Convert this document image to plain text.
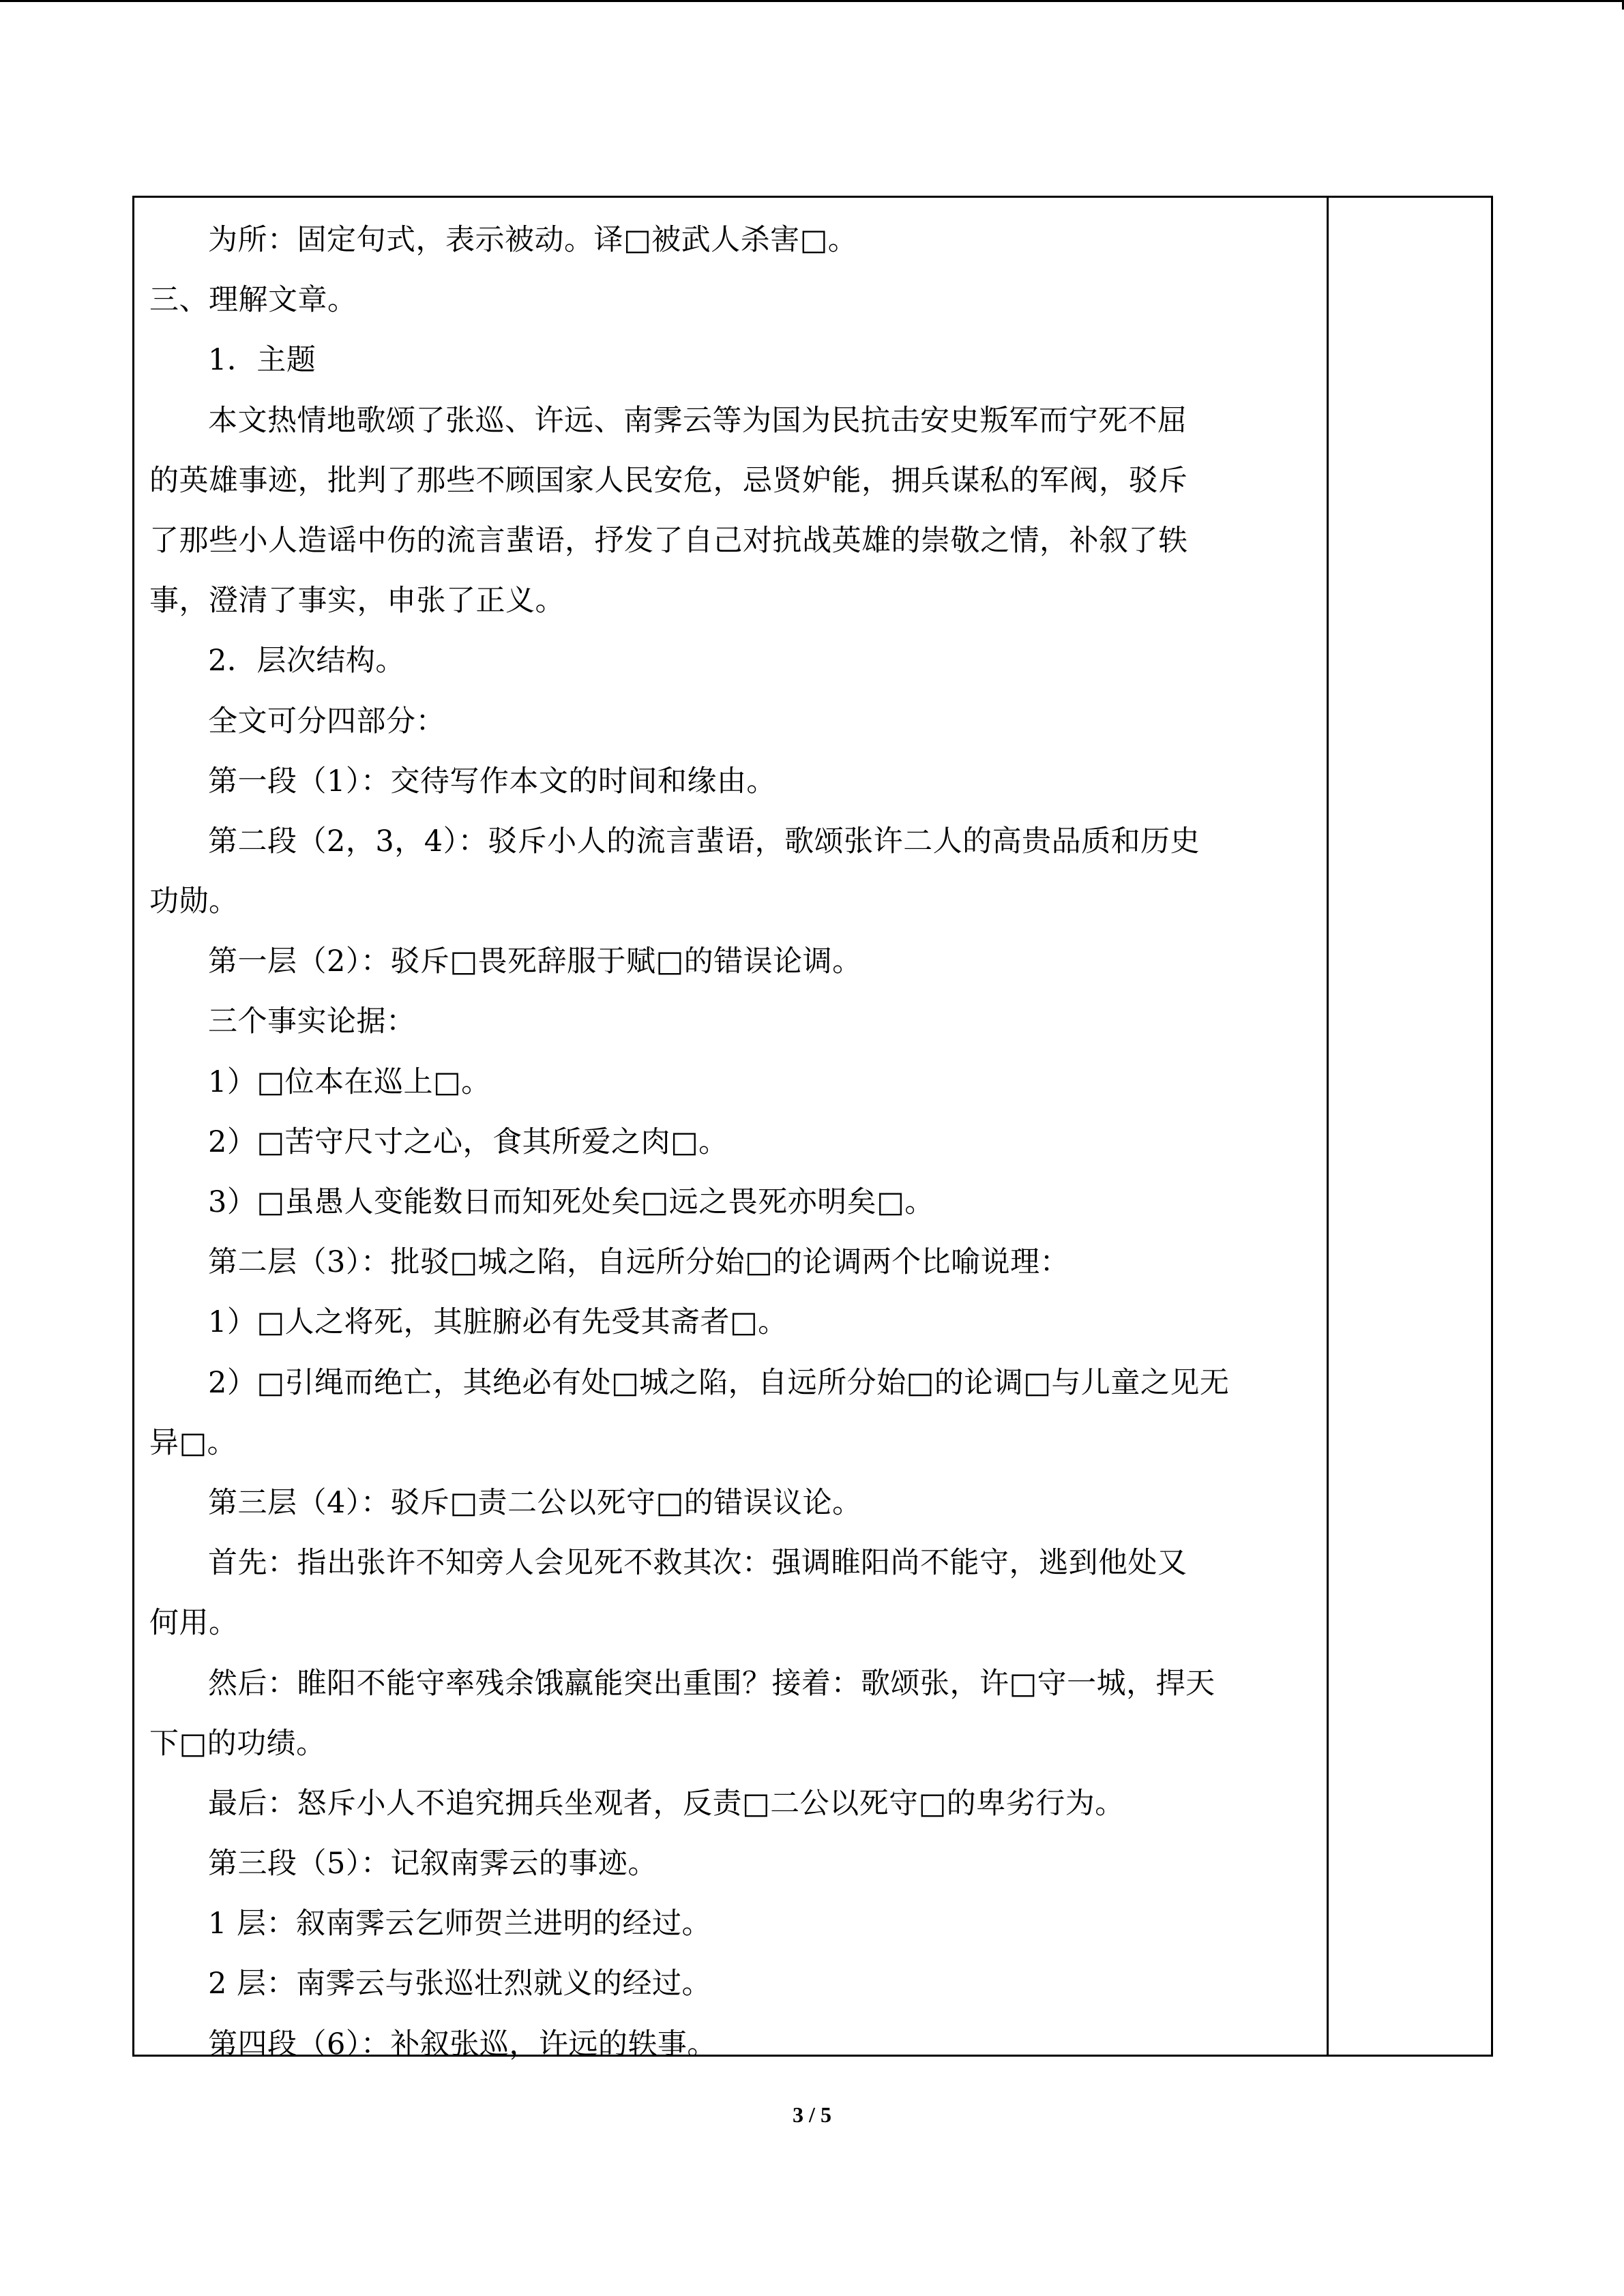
为所：固定句式，表示被动。译□被武人杀害□。
三、理解文章。
1．主题
本文热情地歌颂了张巡、许远、南霁云等为国为民抗击安史叛军而宁死不屈
的英雄事迹，批判了那些不顾国家人民安危，忌贤妒能，拥兵谋私的军阀，驳斥
了那些小人造谣中伤的流言蜚语，抒发了自己对抗战英雄的崇敬之情，补叙了轶
事，澄清了事实，申张了正义。
2．层次结构。
全文可分四部分：
第一段（1）：交待写作本文的时间和缘由。
第二段（2，3，4）：驳斥小人的流言蜚语，歌颂张许二人的高贵品质和历史
功勋。
第一层（2）：驳斥□畏死辞服于赋□的错误论调。
三个事实论据：
1）□位本在巡上□。
2）□苦守尺寸之心，食其所爱之肉□。
3）□虽愚人变能数日而知死处矣□远之畏死亦明矣□。
第二层（3）：批驳□城之陷，自远所分始□的论调两个比喻说理：
1）□人之将死，其脏腑必有先受其斋者□。
2）□引绳而绝亡，其绝必有处□城之陷，自远所分始□的论调□与儿童之见无
异□。
第三层（4）：驳斥□责二公以死守□的错误议论。
首先：指出张许不知旁人会见死不救其次：强调睢阳尚不能守，逃到他处又
何用。
然后：睢阳不能守率残余饿羸能突出重围？接着：歌颂张，许□守一城，捍天
下□的功绩。
最后：怒斥小人不追究拥兵坐观者，反责□二公以死守□的卑劣行为。
第三段（5）：记叙南霁云的事迹。
1 层：叙南霁云乞师贺兰进明的经过。
2 层：南霁云与张巡壮烈就义的经过。
第四段（6）：补叙张巡，许远的轶事。
3 / 5
